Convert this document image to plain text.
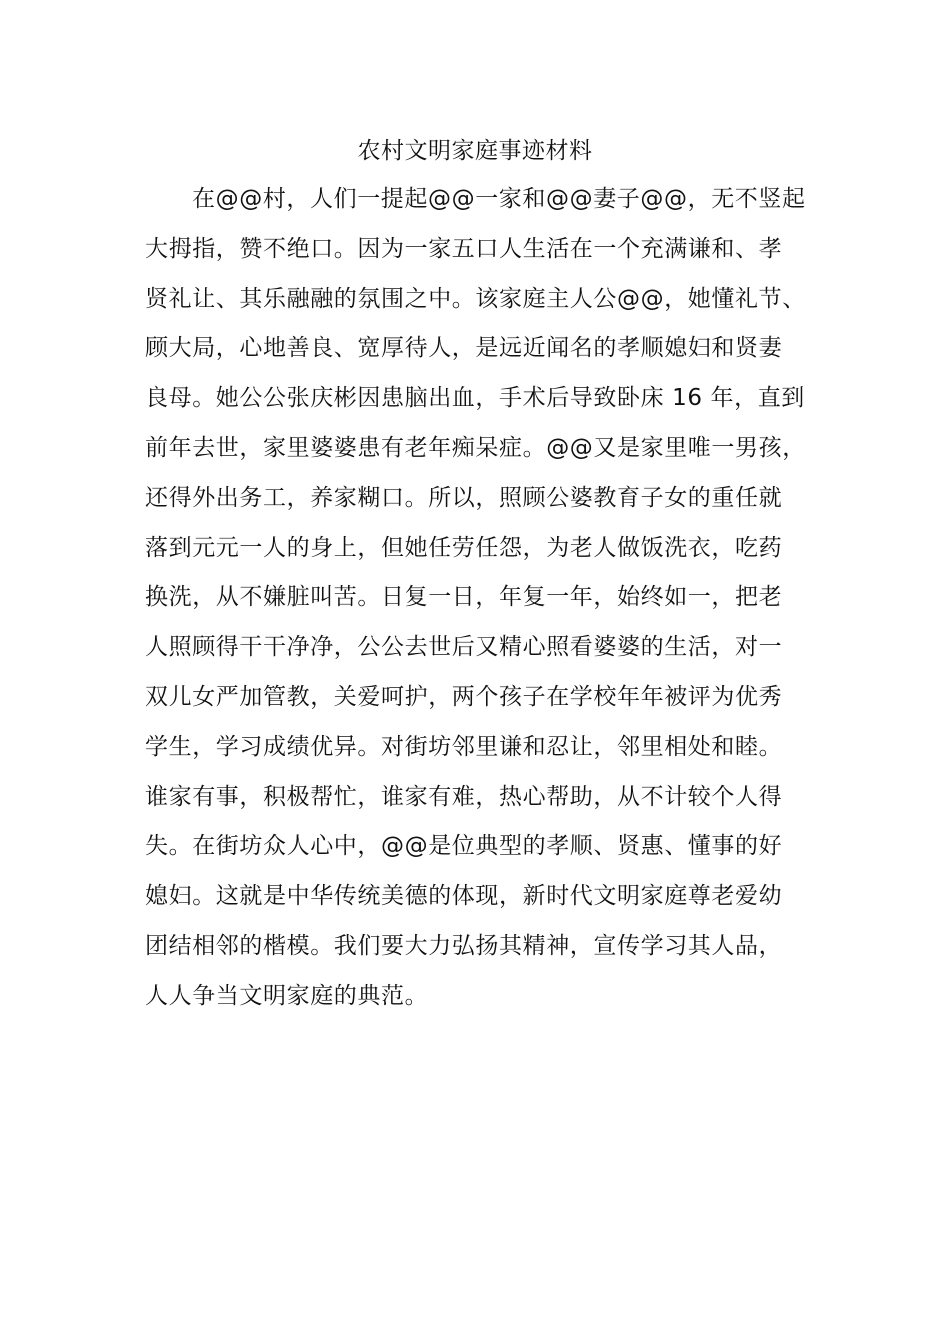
农村文明家庭事迹材料
在@@村，人们一提起@@一家和@@妻子@@，无不竖起
大拇指，赞不绝口。因为一家五口人生活在一个充满谦和、孝
贤礼让、其乐融融的氛围之中。该家庭主人公@@，她懂礼节、
顾大局，心地善良、宽厚待人，是远近闻名的孝顺媳妇和贤妻
良母。她公公张庆彬因患脑出血，手术后导致卧床 16 年，直到
前年去世，家里婆婆患有老年痴呆症。@@又是家里唯一男孩，
还得外出务工，养家糊口。所以，照顾公婆教育子女的重任就
落到元元一人的身上，但她任劳任怨，为老人做饭洗衣，吃药
换洗，从不嫌脏叫苦。日复一日，年复一年，始终如一，把老
人照顾得干干净净，公公去世后又精心照看婆婆的生活，对一
双儿女严加管教，关爱呵护，两个孩子在学校年年被评为优秀
学生，学习成绩优异。对街坊邻里谦和忍让，邻里相处和睦。
谁家有事，积极帮忙，谁家有难，热心帮助，从不计较个人得
失。在街坊众人心中，@@是位典型的孝顺、贤惠、懂事的好
媳妇。这就是中华传统美德的体现，新时代文明家庭尊老爱幼
团结相邻的楷模。我们要大力弘扬其精神，宣传学习其人品，
人人争当文明家庭的典范。
